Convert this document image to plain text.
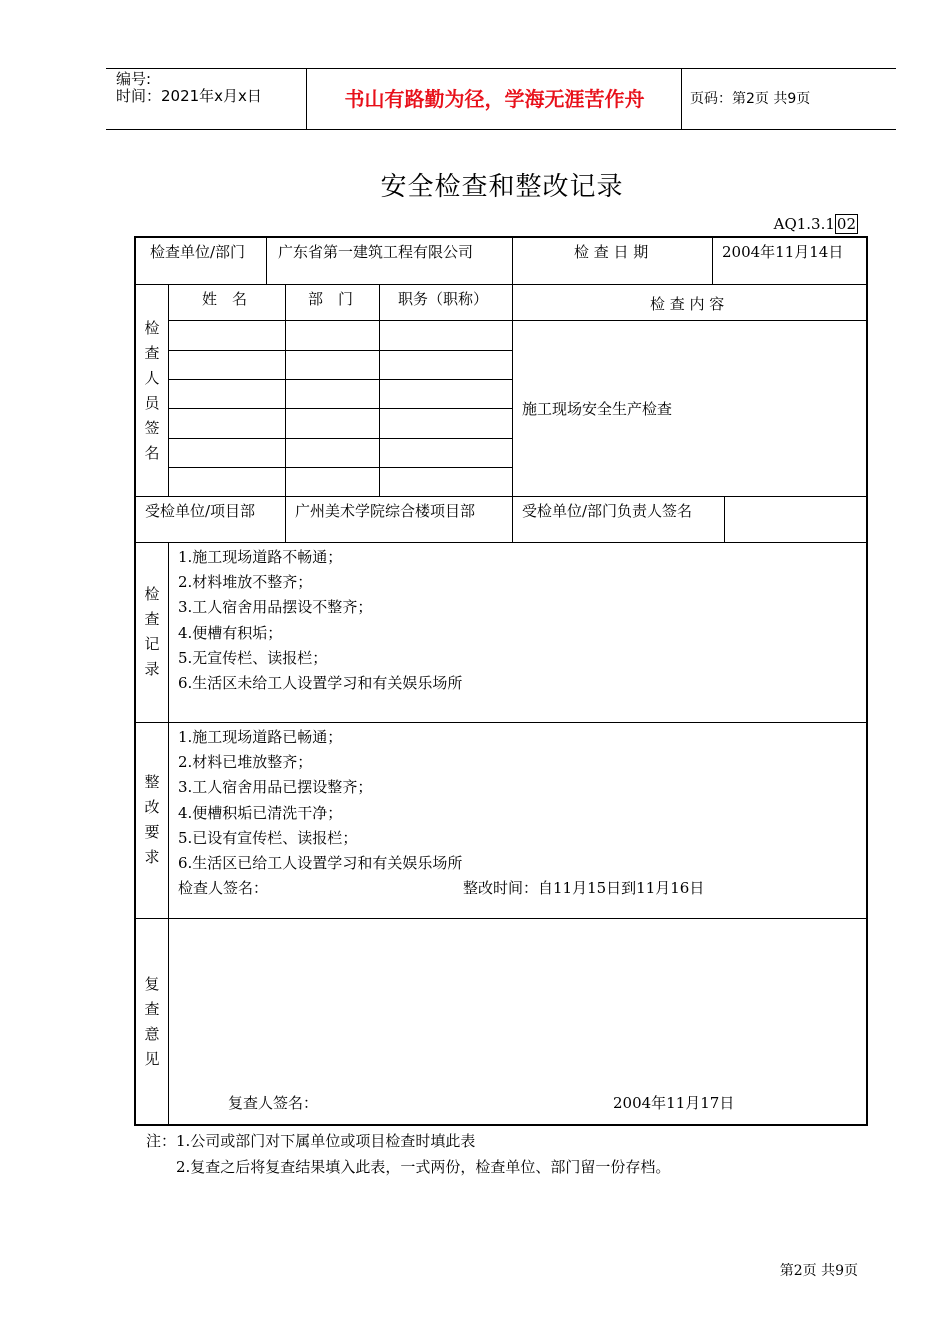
编号:
时间：2021年x月x日	书山有路勤为径，学海无涯苦作舟	页码：第2页 共9页
安全检查和整改记录
AQ1.3.1 02
检查单位/部门 广东省第一建筑工程有限公司	检 查 日 期	2004年11月14日
检查人员签名
姓　名	部　门	职务（职称）	检 查 内 容
施工现场安全生产检查
受检单位/项目部	广州美术学院综合楼项目部	受检单位/部门负责人签名
检查记录
1.施工现场道路不畅通；
2.材料堆放不整齐；
3.工人宿舍用品摆设不整齐；
4.便槽有积垢；
5.无宣传栏、读报栏；
6.生活区未给工人设置学习和有关娱乐场所
整改要求
1.施工现场道路已畅通；
2.材料已堆放整齐；
3.工人宿舍用品已摆设整齐；
4.便槽积垢已清洗干净；
5.已设有宣传栏、读报栏；
6.生活区已给工人设置学习和有关娱乐场所
检查人签名：	整改时间：自11月15日到11月16日
复查意见
复查人签名：	2004年11月17日
注：1.公司或部门对下属单位或项目检查时填此表
2.复查之后将复查结果填入此表，一式两份，检查单位、部门留一份存档。
第2页 共9页
